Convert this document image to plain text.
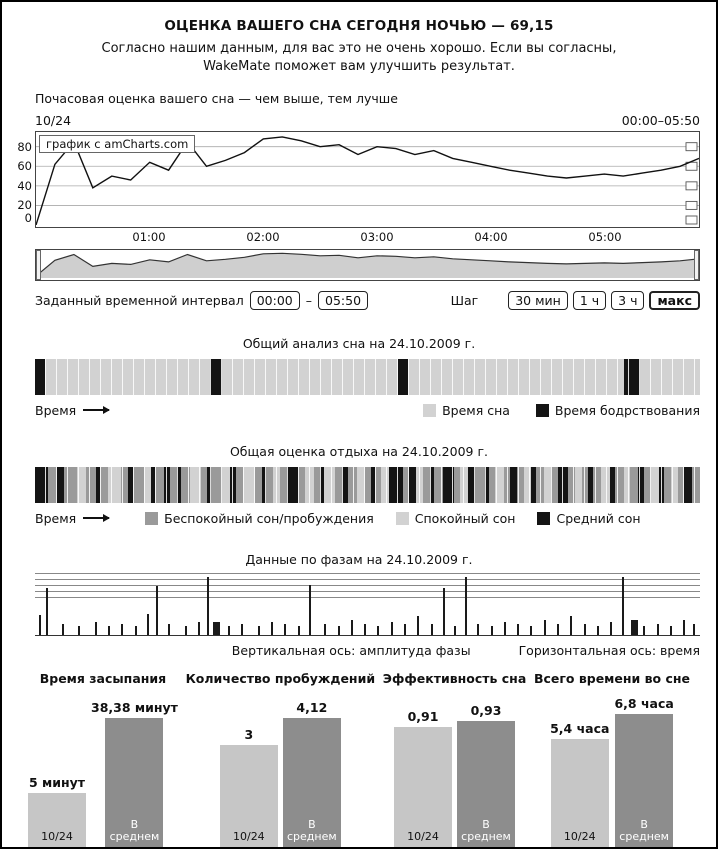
ОЦЕНКА ВАШЕГО СНА СЕГОДНЯ НОЧЬЮ — 69,15
Согласно нашим данным, для вас это не очень хорошо. Если вы согласны,
WakeMate поможет вам улучшить результат.
Почасовая оценка вашего сна — чем выше, тем лучше
10/24	00:00–05:50
график с amCharts.com
80
60
40
20
0
01:00	02:00	03:00	04:00	05:00
Заданный временной интервал	00:00	–	05:50	Шаг	30 мин	1 ч	3 ч	макс
Общий анализ сна на 24.10.2009 г.
Время	Время сна	Время бодрствования
Общая оценка отдыха на 24.10.2009 г.
Время	Беспокойный сон/пробуждения	Спокойный сон	Средний сон
Данные по фазам на 24.10.2009 г.
Вертикальная ось: амплитуда фазы	Горизонтальная ось: время
Время засыпания
5 минут
10/24
38,38 минут
В среднем
Количество пробуждений
3
10/24
4,12
В среднем
Эффективность сна
0,91
10/24
0,93
В среднем
Всего времени во сне
5,4 часа
10/24
6,8 часа
В среднем
